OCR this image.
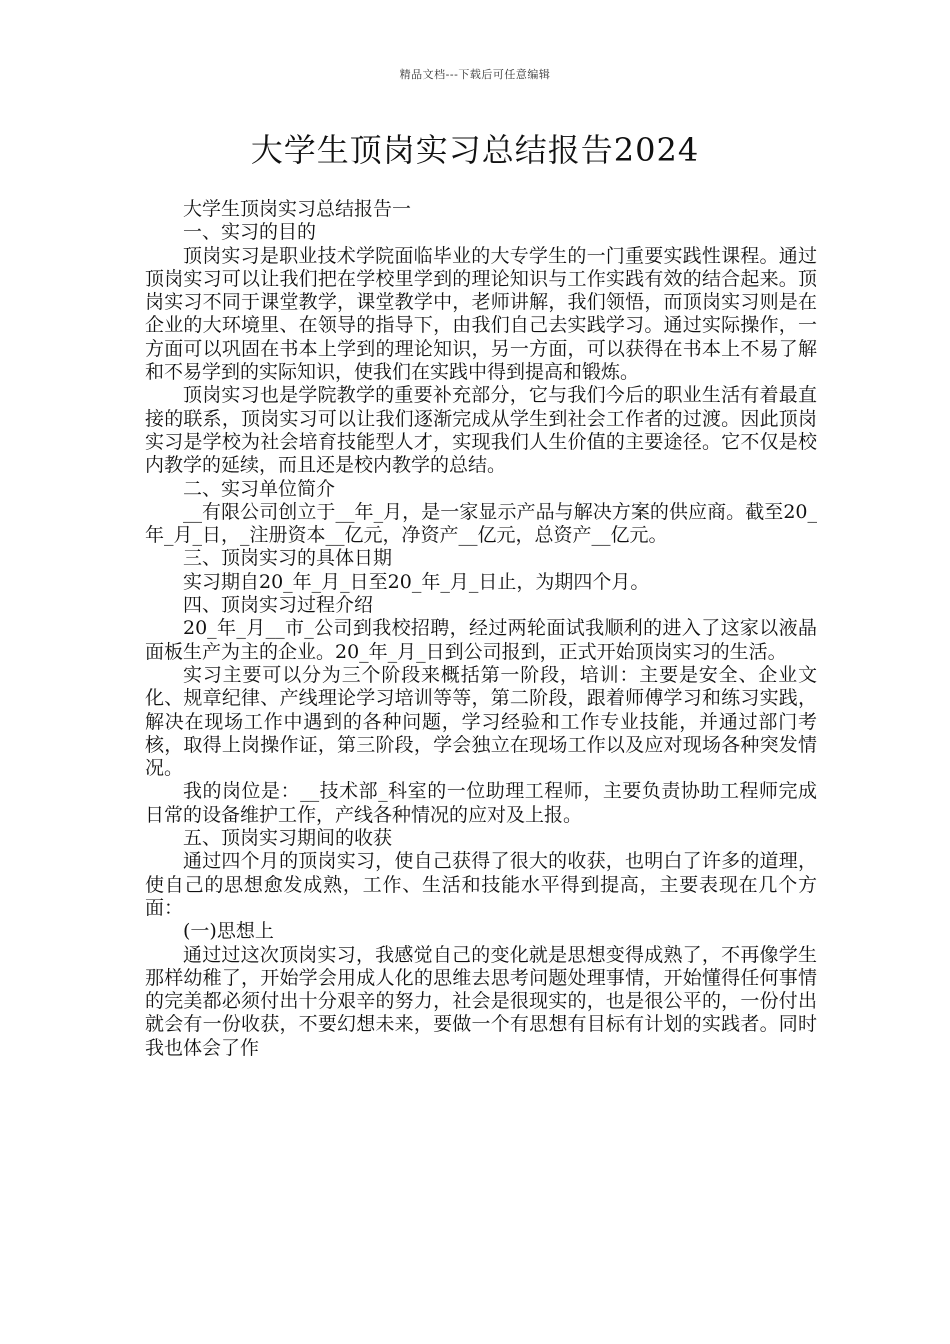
精品文档---下载后可任意编辑
大学生顶岗实习总结报告2024

大学生顶岗实习总结报告一

一、实习的目的

顶岗实习是职业技术学院面临毕业的大专学生的一门重要实践性课程。通过顶岗实习可以让我们把在学校里学到的理论知识与工作实践有效的结合起来。顶岗实习不同于课堂教学，课堂教学中，老师讲解，我们领悟，而顶岗实习则是在企业的大环境里、在领导的指导下，由我们自己去实践学习。通过实际操作，一方面可以巩固在书本上学到的理论知识，另一方面，可以获得在书本上不易了解和不易学到的实际知识，使我们在实践中得到提高和锻炼。

顶岗实习也是学院教学的重要补充部分，它与我们今后的职业生活有着最直接的联系，顶岗实习可以让我们逐渐完成从学生到社会工作者的过渡。因此顶岗实习是学校为社会培育技能型人才，实现我们人生价值的主要途径。它不仅是校内教学的延续，而且还是校内教学的总结。

二、实习单位简介

__有限公司创立于__年_月，是一家显示产品与解决方案的供应商。截至20_年_月_日，_注册资本__亿元，净资产__亿元，总资产__亿元。

三、顶岗实习的具体日期

实习期自20_年_月_日至20_年_月_日止，为期四个月。

四、顶岗实习过程介绍

20_年_月__市_公司到我校招聘，经过两轮面试我顺利的进入了这家以液晶面板生产为主的企业。20_年_月_日到公司报到，正式开始顶岗实习的生活。

实习主要可以分为三个阶段来概括第一阶段，培训：主要是安全、企业文化、规章纪律、产线理论学习培训等等，第二阶段，跟着师傅学习和练习实践，解决在现场工作中遇到的各种问题，学习经验和工作专业技能，并通过部门考核，取得上岗操作证，第三阶段，学会独立在现场工作以及应对现场各种突发情况。

我的岗位是：__技术部_科室的一位助理工程师，主要负责协助工程师完成日常的设备维护工作，产线各种情况的应对及上报。

五、顶岗实习期间的收获

通过四个月的顶岗实习，使自己获得了很大的收获，也明白了许多的道理，使自己的思想愈发成熟，工作、生活和技能水平得到提高，主要表现在几个方面：

(一)思想上

通过过这次顶岗实习，我感觉自己的变化就是思想变得成熟了，不再像学生那样幼稚了，开始学会用成人化的思维去思考问题处理事情，开始懂得任何事情的完美都必须付出十分艰辛的努力，社会是很现实的，也是很公平的，一份付出就会有一份收获，不要幻想未来，要做一个有思想有目标有计划的实践者。同时我也体会了作
